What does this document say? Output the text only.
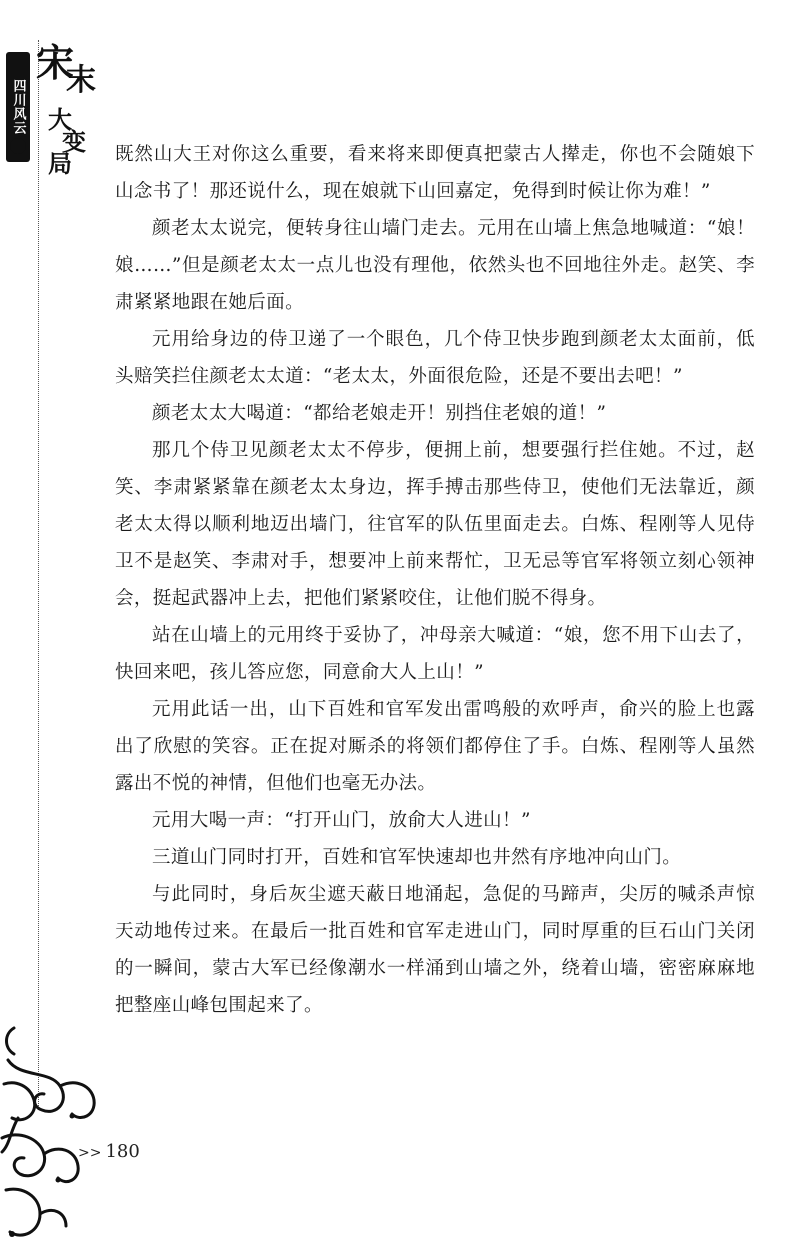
四川风云
宋
末
大
变
局 既然山大王对你这么重要，看来将来即便真把蒙古人撵走，你也不会随娘下山念书了！那还说什么，现在娘就下山回嘉定，免得到时候让你为难！”

颜老太太说完，便转身往山墙门走去。元用在山墙上焦急地喊道：“娘！娘……”但是颜老太太一点儿也没有理他，依然头也不回地往外走。赵笑、李肃紧紧地跟在她后面。

元用给身边的侍卫递了一个眼色，几个侍卫快步跑到颜老太太面前，低头赔笑拦住颜老太太道：“老太太，外面很危险，还是不要出去吧！”

颜老太太大喝道：“都给老娘走开！别挡住老娘的道！”

那几个侍卫见颜老太太不停步，便拥上前，想要强行拦住她。不过，赵笑、李肃紧紧靠在颜老太太身边，挥手搏击那些侍卫，使他们无法靠近，颜老太太得以顺利地迈出墙门，往官军的队伍里面走去。白炼、程刚等人见侍卫不是赵笑、李肃对手，想要冲上前来帮忙，卫无忌等官军将领立刻心领神会，挺起武器冲上去，把他们紧紧咬住，让他们脱不得身。

站在山墙上的元用终于妥协了，冲母亲大喊道：“娘，您不用下山去了，快回来吧，孩儿答应您，同意俞大人上山！”

元用此话一出，山下百姓和官军发出雷鸣般的欢呼声，俞兴的脸上也露出了欣慰的笑容。正在捉对厮杀的将领们都停住了手。白炼、程刚等人虽然露出不悦的神情，但他们也毫无办法。

元用大喝一声：“打开山门，放俞大人进山！”

三道山门同时打开，百姓和官军快速却也井然有序地冲向山门。

与此同时，身后灰尘遮天蔽日地涌起，急促的马蹄声，尖厉的喊杀声惊天动地传过来。在最后一批百姓和官军走进山门，同时厚重的巨石山门关闭的一瞬间，蒙古大军已经像潮水一样涌到山墙之外，绕着山墙，密密麻麻地把整座山峰包围起来了。

>> 180
